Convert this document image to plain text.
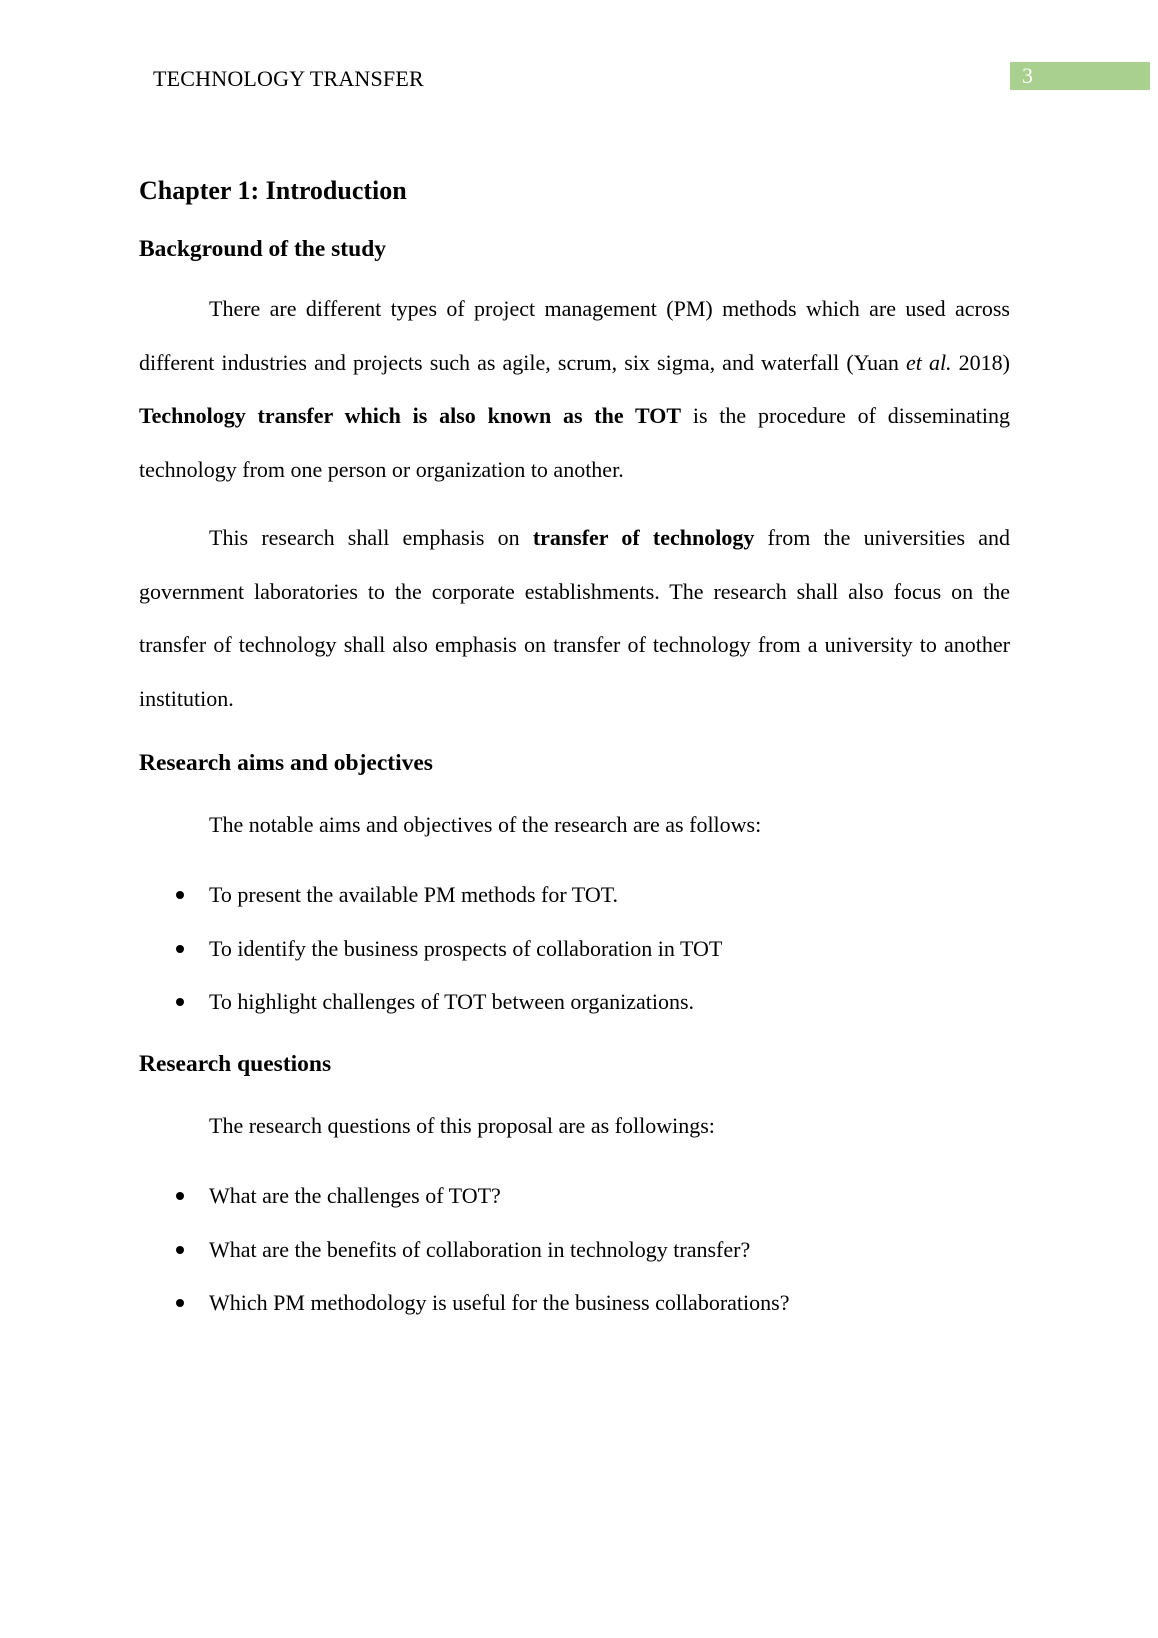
TECHNOLOGY TRANSFER	3
Chapter 1: Introduction
Background of the study

There are different types of project management (PM) methods which are used across different industries and projects such as agile, scrum, six sigma, and waterfall (Yuan et al. 2018) Technology transfer which is also known as the TOT is the procedure of disseminating technology from one person or organization to another.

This research shall emphasis on transfer of technology from the universities and government laboratories to the corporate establishments. The research shall also focus on the transfer of technology shall also emphasis on transfer of technology from a university to another institution.

Research aims and objectives
The notable aims and objectives of the research are as follows:
To present the available PM methods for TOT.
To identify the business prospects of collaboration in TOT
To highlight challenges of TOT between organizations.
Research questions
The research questions of this proposal are as followings:
What are the challenges of TOT?
What are the benefits of collaboration in technology transfer?
Which PM methodology is useful for the business collaborations?
